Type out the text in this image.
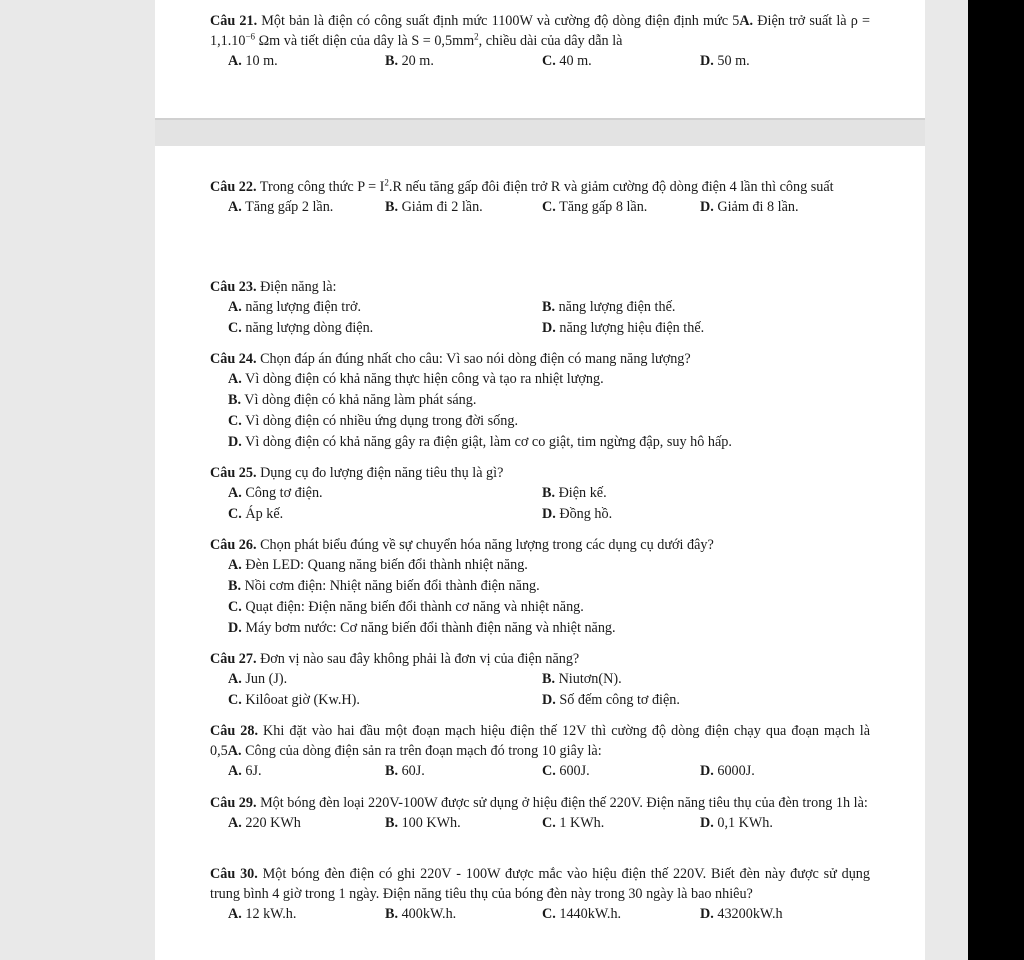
Câu 21. Một bản là điện có công suất định mức 1100W và cường độ dòng điện định mức 5A. Điện trở suất là $\rho = 1,1.10^{-6}$ Ωm và tiết diện của dây là $S = 0,5mm^2$, chiều dài của dây dẫn là
A. 10 m.	B. 20 m.	C. 40 m.	D. 50 m.
Câu 22. Trong công thức $P = I^2.R$ nếu tăng gấp đôi điện trở R và giảm cường độ dòng điện 4 lần thì công suất
A. Tăng gấp 2 lần.	B. Giảm đi 2 lần.	C. Tăng gấp 8 lần.	D. Giảm đi 8 lần.
Câu 23. Điện năng là:
A. năng lượng điện trở.	B. năng lượng điện thế.
C. năng lượng dòng điện.	D. năng lượng hiệu điện thế.
Câu 24. Chọn đáp án đúng nhất cho câu: Vì sao nói dòng điện có mang năng lượng?
A. Vì dòng điện có khả năng thực hiện công và tạo ra nhiệt lượng.
B. Vì dòng điện có khả năng làm phát sáng.
C. Vì dòng điện có nhiều ứng dụng trong đời sống.
D. Vì dòng điện có khả năng gây ra điện giật, làm cơ co giật, tim ngừng đập, suy hô hấp.
Câu 25. Dụng cụ đo lượng điện năng tiêu thụ là gì?
A. Công tơ điện.	B. Điện kế.
C. Áp kế.	D. Đồng hồ.
Câu 26. Chọn phát biểu đúng về sự chuyển hóa năng lượng trong các dụng cụ dưới đây?
A. Đèn LED: Quang năng biến đổi thành nhiệt năng.
B. Nồi cơm điện: Nhiệt năng biến đổi thành điện năng.
C. Quạt điện: Điện năng biến đổi thành cơ năng và nhiệt năng.
D. Máy bơm nước: Cơ năng biến đổi thành điện năng và nhiệt năng.
Câu 27. Đơn vị nào sau đây không phải là đơn vị của điện năng?
A. Jun (J).	B. Niutơn(N).
C. Kilôoat giờ (Kw.H).	D. Số đếm công tơ điện.
Câu 28. Khi đặt vào hai đầu một đoạn mạch hiệu điện thế 12V thì cường độ dòng điện chạy qua đoạn mạch là 0,5A. Công của dòng điện sản ra trên đoạn mạch đó trong 10 giây là:
A. 6J.	B. 60J.	C. 600J.	D. 6000J.
Câu 29. Một bóng đèn loại 220V-100W được sử dụng ở hiệu điện thế 220V. Điện năng tiêu thụ của đèn trong 1h là:
A. 220 KWh	B. 100 KWh.	C. 1 KWh.	D. 0,1 KWh.
Câu 30. Một bóng đèn điện có ghi 220V - 100W được mắc vào hiệu điện thế 220V. Biết đèn này được sử dụng trung bình 4 giờ trong 1 ngày. Điện năng tiêu thụ của bóng đèn này trong 30 ngày là bao nhiêu?
A. 12 kW.h.	B. 400kW.h.	C. 1440kW.h.	D. 43200kW.h
